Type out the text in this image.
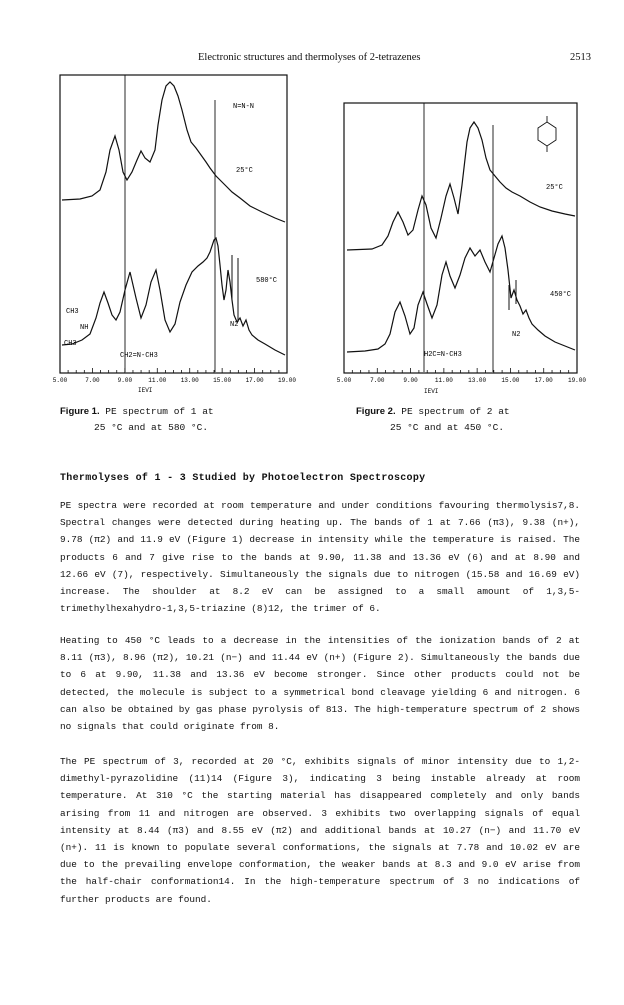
Electronic structures and thermolyses of 2-tetrazenes	2513
N=N-N
25°C
580°C
N2
CH3
NH
CH3
CH2=N-CH3
5.00	7.00	9.00	11.00 13.00 15.00 17.00 19.00
IEVI
Figure 1. PE spectrum of 1 at
25 °C and at 580 °C.
25°C
450°C
N2
H2C=N-CH3
5.00	7.00	9.00	11.00	13.00	15.00	17.00	19.00
IEVI
Figure 2. PE spectrum of 2 at
25 °C and at 450 °C.
Thermolyses of 1 - 3 Studied by Photoelectron Spectroscopy

PE spectra were recorded at room temperature and under conditions favouring thermolysis7,8. Spectral changes were detected during heating up. The bands of 1 at 7.66 (π3), 9.38 (n+), 9.78 (π2) and 11.9 eV (Figure 1) decrease in intensity while the temperature is raised. The products 6 and 7 give rise to the bands at 9.90, 11.38 and 13.36 eV (6) and at 8.90 and 12.66 eV (7), respectively. Simultaneously the signals due to nitrogen (15.58 and 16.69 eV) increase. The shoulder at 8.2 eV can be assigned to a small amount of 1,3,5-trimethylhexahydro-1,3,5-triazine (8)12, the trimer of 6.

Heating to 450 °C leads to a decrease in the intensities of the ionization bands of 2 at 8.11 (π3), 8.96 (π2), 10.21 (n−) and 11.44 eV (n+) (Figure 2). Simultaneously the bands due to 6 at 9.90, 11.38 and 13.36 eV become stronger. Since other products could not be detected, the molecule is subject to a symmetrical bond cleavage yielding 6 and nitrogen. 6 can also be obtained by gas phase pyrolysis of 813. The high-temperature spectrum of 2 shows no signals that could originate from 8.

The PE spectrum of 3, recorded at 20 °C, exhibits signals of minor intensity due to 1,2-dimethyl-pyrazolidine (11)14 (Figure 3), indicating 3 being instable already at room temperature. At 310 °C the starting material has disappeared completely and only bands arising from 11 and nitrogen are observed. 3 exhibits two overlapping signals of equal intensity at 8.44 (π3) and 8.55 eV (π2) and additional bands at 10.27 (n−) and 11.70 eV (n+). 11 is known to populate several conformations, the signals at 7.78 and 10.02 eV are due to the prevailing envelope conformation, the weaker bands at 8.3 and 9.0 eV arise from the half-chair conformation14. In the high-temperature spectrum of 3 no indications of further products are found.
